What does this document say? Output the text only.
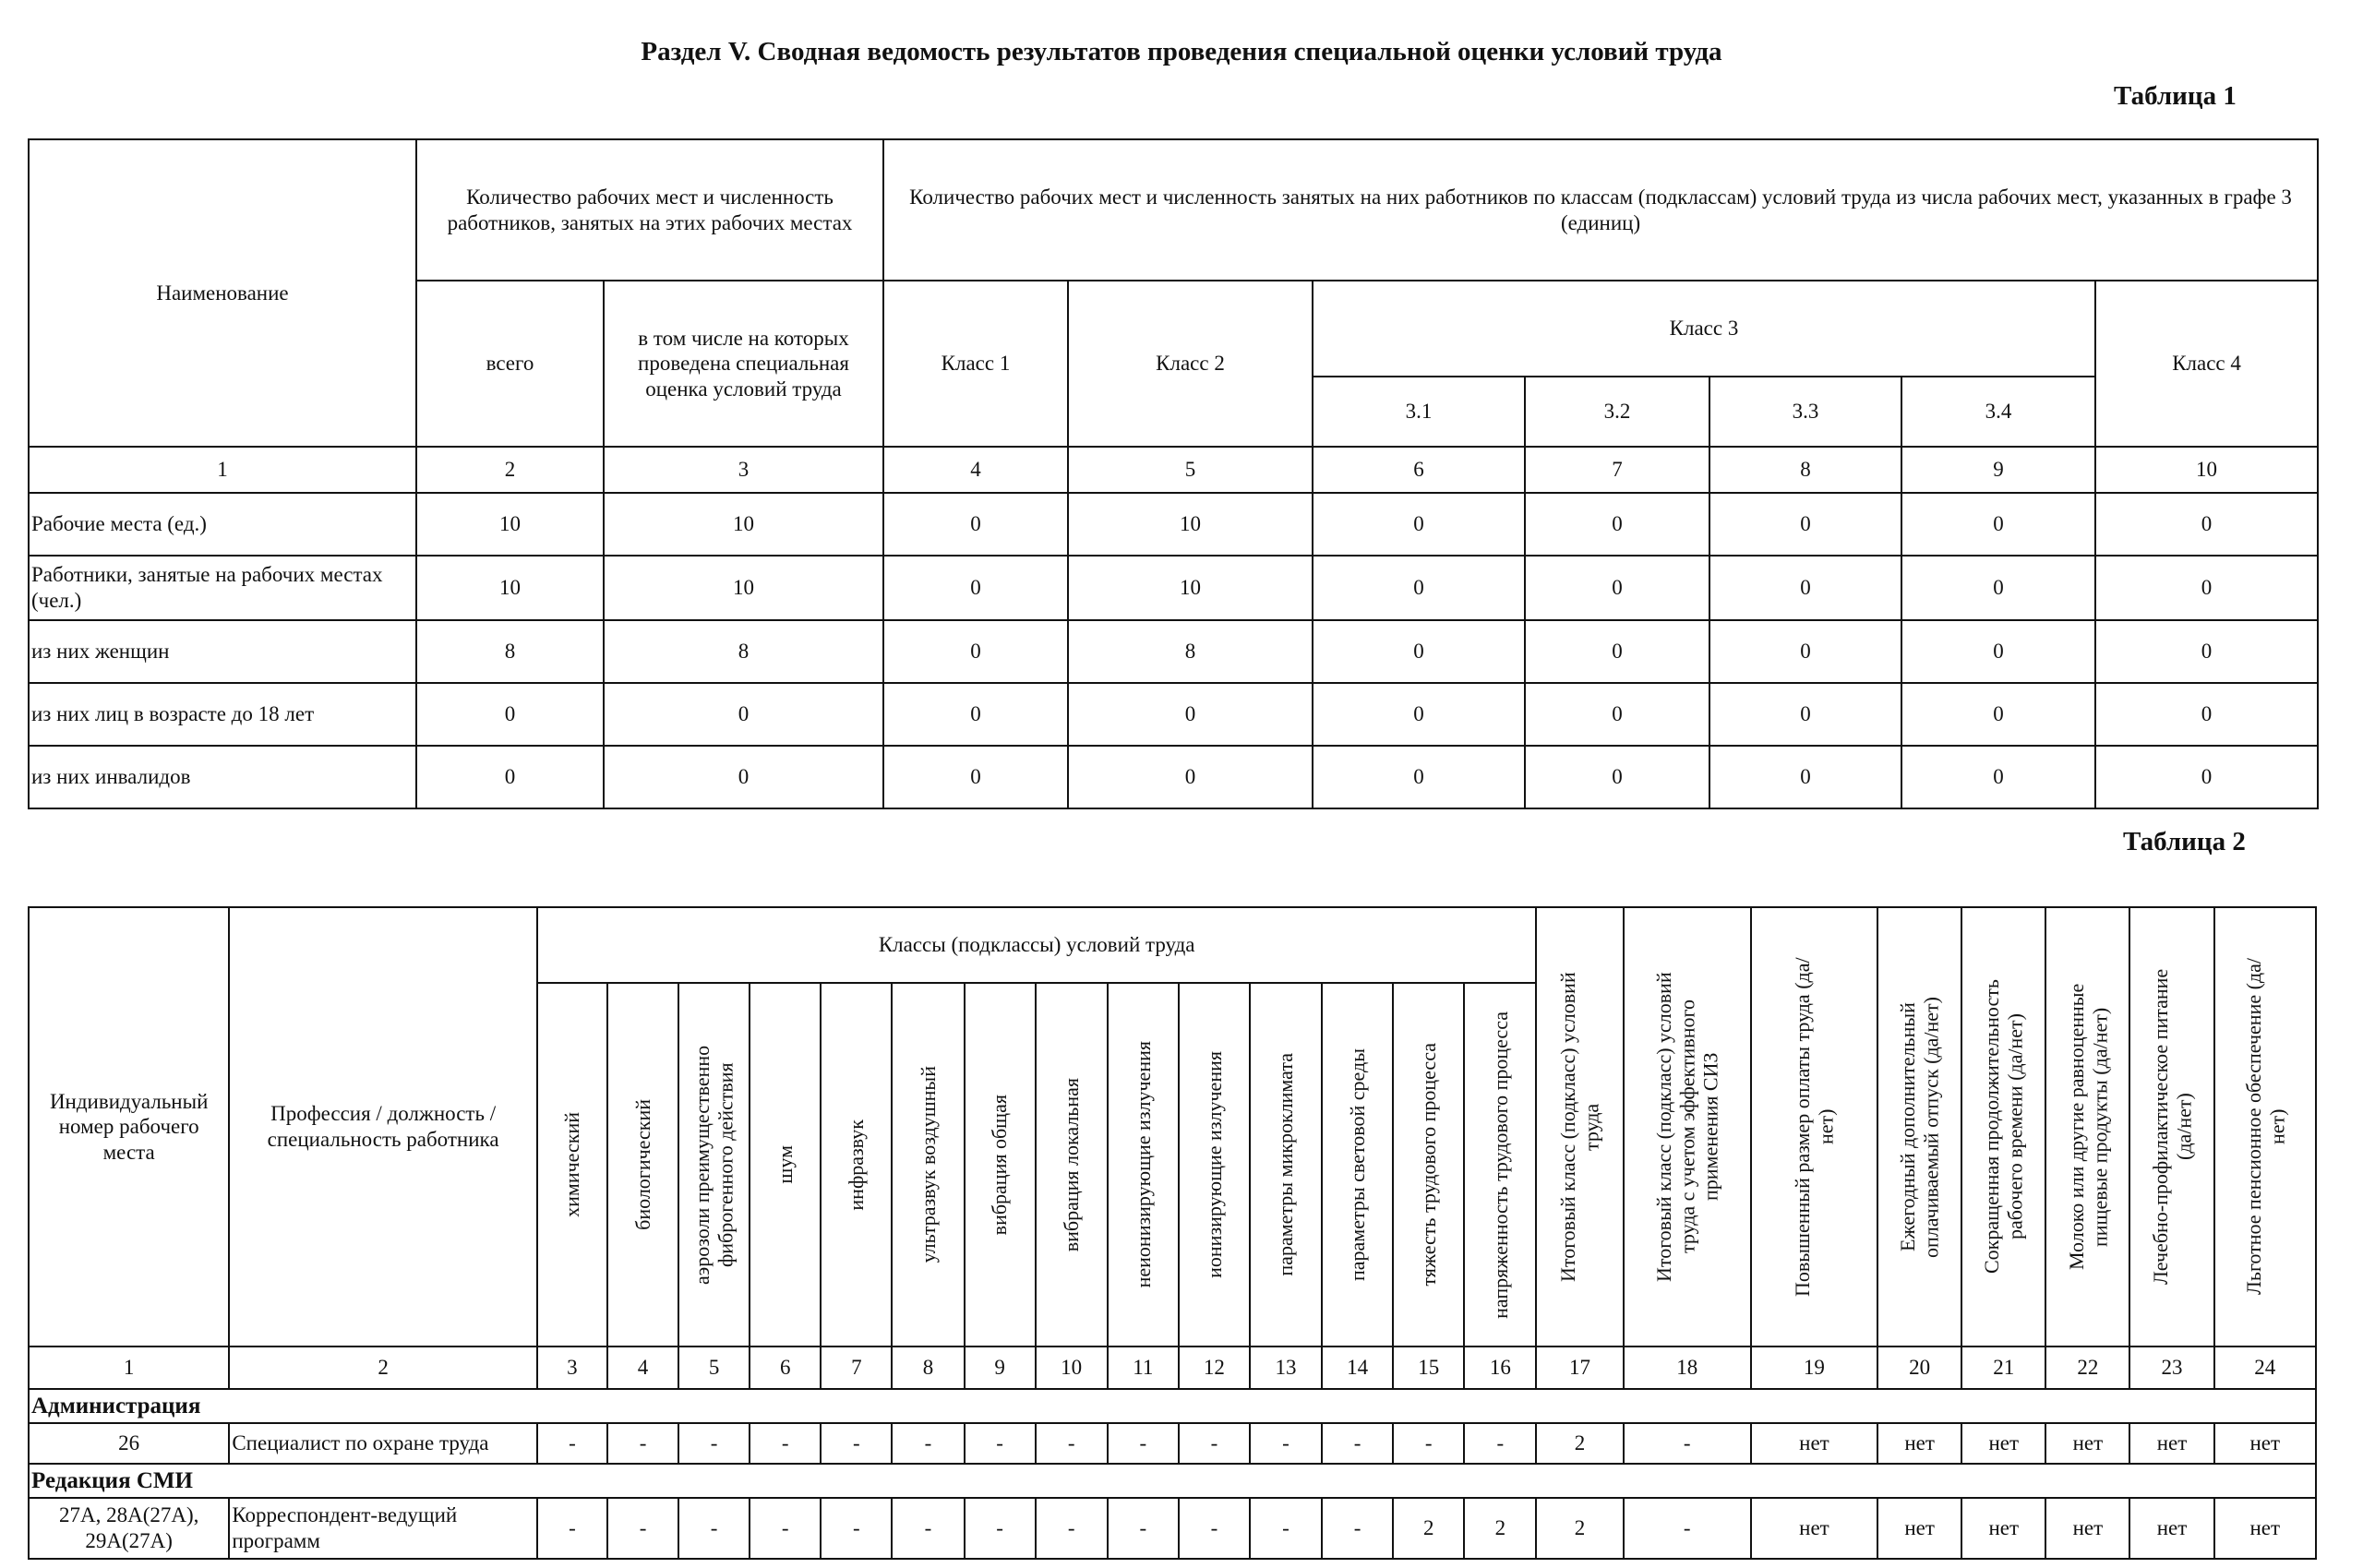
Раздел V. Сводная ведомость результатов проведения специальной оценки условий труда
Таблица 1
Наименование	Количество рабочих мест и численность работников, занятых на этих рабочих местах		Количество рабочих мест и численность занятых на них работников по классам (подклассам) условий труда из числа рабочих мест, указанных в графе 3 (единиц)						
	всего	в том числе на которых проведена специальная оценка условий труда	Класс 1	Класс 2	Класс 3				Класс 4
					3.1	3.2	3.3	3.4	
1	2	3	4	5	6	7	8	9	10
Рабочие места (ед.)	10	10	0	10	0	0	0	0	0
Работники, занятые на рабочих местах (чел.)	10	10	0	10	0	0	0	0	0
из них женщин	8	8	0	8	0	0	0	0	0
из них лиц в возрасте до 18 лет	0	0	0	0	0	0	0	0	0
из них инвалидов	0	0	0	0	0	0	0	0	0
Таблица 2
Индивидуальный номер рабочего места	Профессия / должность / специальность работника	Классы (подклассы) условий труда														Итоговый класс (подкласс) условий труда	Итоговый класс (подкласс) условий труда с учетом эффективного применения СИЗ	Повышенный размер оплаты труда (да/нет)	Ежегодный дополнительный оплачиваемый отпуск (да/нет)	Сокращенная продолжительность рабочего времени (да/нет)	Молоко или другие равноценные пищевые продукты (да/нет)	Лечебно-профилактическое питание (да/нет)	Льготное пенсионное обеспечение (да/нет)

		химический	биологический	аэрозоли преимущественно фиброгенного действия	шум	инфразвук	ультразвук воздушный	вибрация общая	вибрация локальная	неионизирующие излучения	ионизирующие излучения	параметры микроклимата	параметры световой среды	тяжесть трудового процесса	напряженность трудового процесса								

1	2	3	4	5	6	7	8	9	10	11	12	13	14	15	16	17	18	19	20	21	22	23	24
Администрация																							
26	Специалист по охране труда	-	-	-	-	-	-	-	-	-	-	-	-	-	-	2	-	нет	нет	нет	нет	нет	нет
Редакция СМИ																							
27А, 28А(27А), 29А(27А)	Корреспондент-ведущий программ	-	-	-	-	-	-	-	-	-	-	-	-	2	2	2	-	нет	нет	нет	нет	нет	нет
